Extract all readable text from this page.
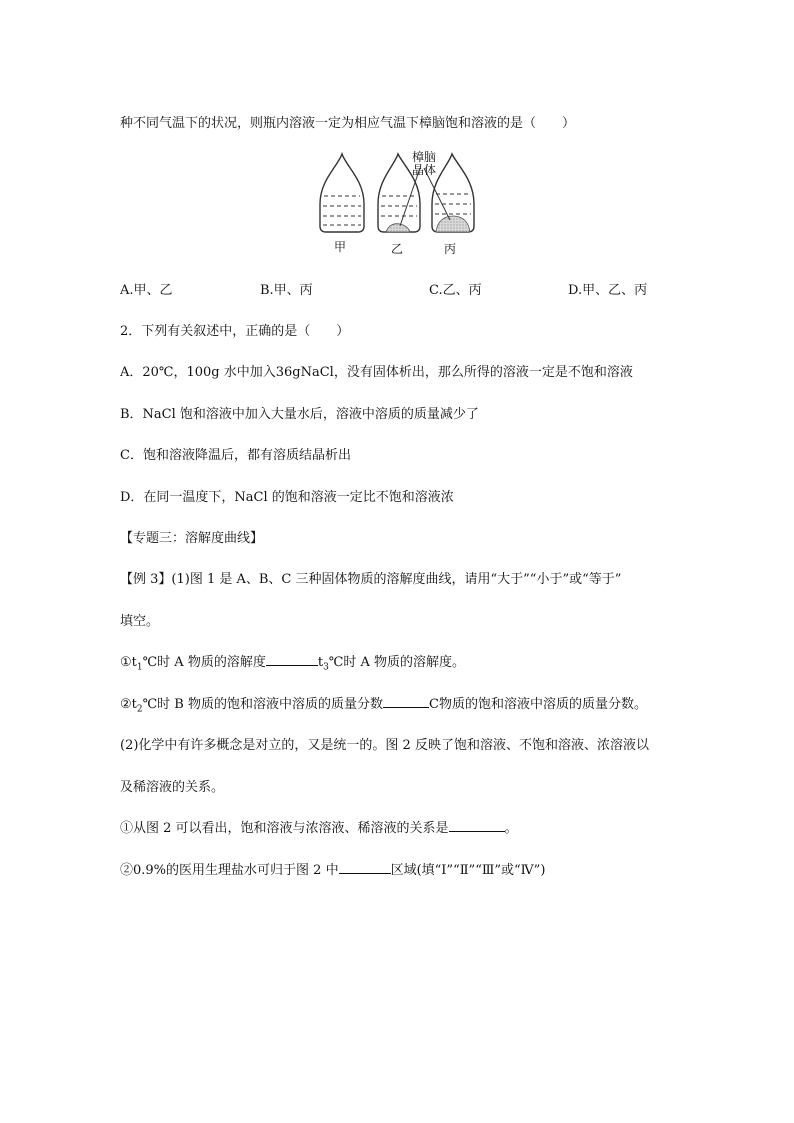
种不同气温下的状况，则瓶内溶液一定为相应气温下樟脑饱和溶液的是（　　）
樟脑
晶体
甲	乙	丙
A.甲、乙	B.甲、丙	C.乙、丙	D.甲、乙、丙
2．下列有关叙述中，正确的是（　　）
A．20℃，100g 水中加入36gNaCl，没有固体析出，那么所得的溶液一定是不饱和溶液
B．NaCl 饱和溶液中加入大量水后，溶液中溶质的质量减少了
C．饱和溶液降温后，都有溶质结晶析出
D．在同一温度下，NaCl 的饱和溶液一定比不饱和溶液浓
【专题三：溶解度曲线】
【例 3】(1)图 1 是 A、B、C 三种固体物质的溶解度曲线，请用“大于”“小于”或“等于”
填空。
$①t_1℃$时 A 物质的溶解度	$t_3℃$时 A 物质的溶解度。
$②t_2℃$时 B 物质的饱和溶液中溶质的质量分数	C物质的饱和溶液中溶质的质量分数。
(2)化学中有许多概念是对立的，又是统一的。图 2 反映了饱和溶液、不饱和溶液、浓溶液以
及稀溶液的关系。
①从图 2 可以看出，饱和溶液与浓溶液、稀溶液的关系是	。
②0.9%的医用生理盐水可归于图 2 中	区域(填“Ⅰ”“Ⅱ”“Ⅲ”或“Ⅳ”)
